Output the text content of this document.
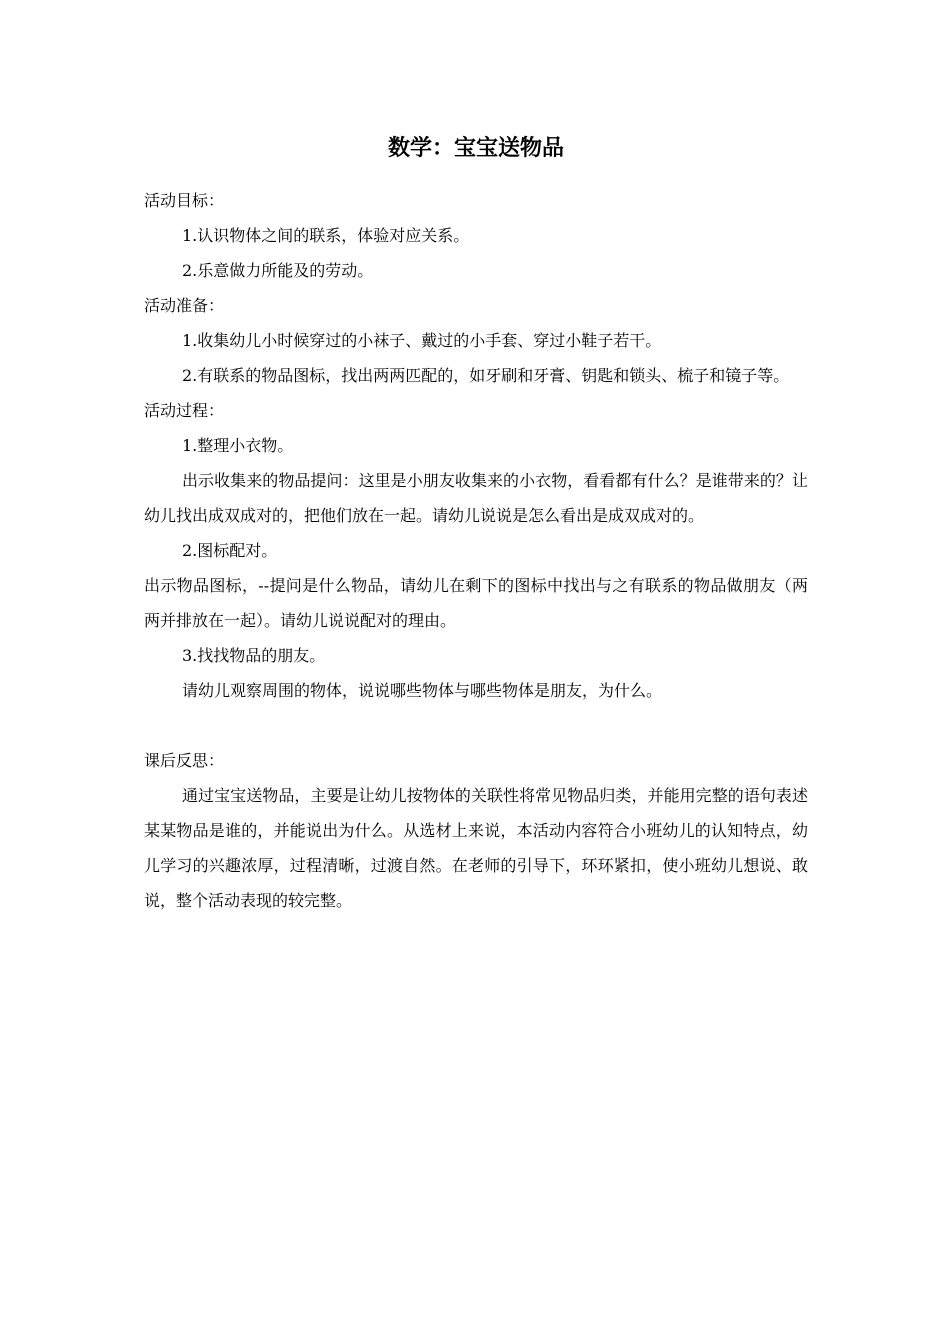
数学：宝宝送物品

活动目标：

1.认识物体之间的联系，体验对应关系。

2.乐意做力所能及的劳动。

活动准备：

1.收集幼儿小时候穿过的小袜子、戴过的小手套、穿过小鞋子若干。

2.有联系的物品图标，找出两两匹配的，如牙刷和牙膏、钥匙和锁头、梳子和镜子等。

活动过程：

1.整理小衣物。

出示收集来的物品提问：这里是小朋友收集来的小衣物，看看都有什么？是谁带来的？让幼儿找出成双成对的，把他们放在一起。请幼儿说说是怎么看出是成双成对的。

2.图标配对。

出示物品图标，--提问是什么物品，请幼儿在剩下的图标中找出与之有联系的物品做朋友（两两并排放在一起）。请幼儿说说配对的理由。

3.找找物品的朋友。

请幼儿观察周围的物体，说说哪些物体与哪些物体是朋友，为什么。

课后反思：

通过宝宝送物品，主要是让幼儿按物体的关联性将常见物品归类，并能用完整的语句表述某某物品是谁的，并能说出为什么。从选材上来说，本活动内容符合小班幼儿的认知特点，幼儿学习的兴趣浓厚，过程清晰，过渡自然。在老师的引导下，环环紧扣，使小班幼儿想说、敢说，整个活动表现的较完整。
